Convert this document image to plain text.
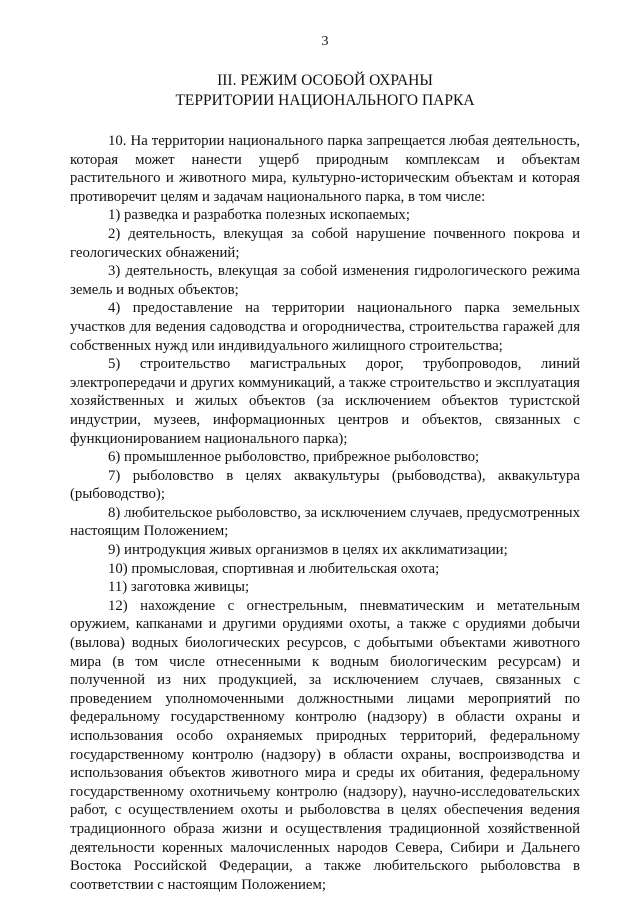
3
III. РЕЖИМ ОСОБОЙ ОХРАНЫ
ТЕРРИТОРИИ НАЦИОНАЛЬНОГО ПАРКА

10. На территории национального парка запрещается любая деятельность, которая может нанести ущерб природным комплексам и объектам растительного и животного мира, культурно-историческим объектам и которая противоречит целям и задачам национального парка, в том числе:

1) разведка и разработка полезных ископаемых;

2) деятельность, влекущая за собой нарушение почвенного покрова и геологических обнажений;

3) деятельность, влекущая за собой изменения гидрологического режима земель и водных объектов;

4) предоставление на территории национального парка земельных участков для ведения садоводства и огородничества, строительства гаражей для собственных нужд или индивидуального жилищного строительства;

5) строительство магистральных дорог, трубопроводов, линий электропередачи и других коммуникаций, а также строительство и эксплуатация хозяйственных и жилых объектов (за исключением объектов туристской индустрии, музеев, информационных центров и объектов, связанных с функционированием национального парка);

6) промышленное рыболовство, прибрежное рыболовство;

7) рыболовство в целях аквакультуры (рыбоводства), аквакультура (рыбоводство);

8) любительское рыболовство, за исключением случаев, предусмотренных настоящим Положением;

9) интродукция живых организмов в целях их акклиматизации;

10) промысловая, спортивная и любительская охота;

11) заготовка живицы;

12) нахождение с огнестрельным, пневматическим и метательным оружием, капканами и другими орудиями охоты, а также с орудиями добычи (вылова) водных биологических ресурсов, с добытыми объектами животного мира (в том числе отнесенными к водным биологическим ресурсам) и полученной из них продукцией, за исключением случаев, связанных с проведением уполномоченными должностными лицами мероприятий по федеральному государственному контролю (надзору) в области охраны и использования особо охраняемых природных территорий, федеральному государственному контролю (надзору) в области охраны, воспроизводства и использования объектов животного мира и среды их обитания, федеральному государственному охотничьему контролю (надзору), научно-исследовательских работ, с осуществлением охоты и рыболовства в целях обеспечения ведения традиционного образа жизни и осуществления традиционной хозяйственной деятельности коренных малочисленных народов Севера, Сибири и Дальнего Востока Российской Федерации, а также любительского рыболовства в соответствии с настоящим Положением;
